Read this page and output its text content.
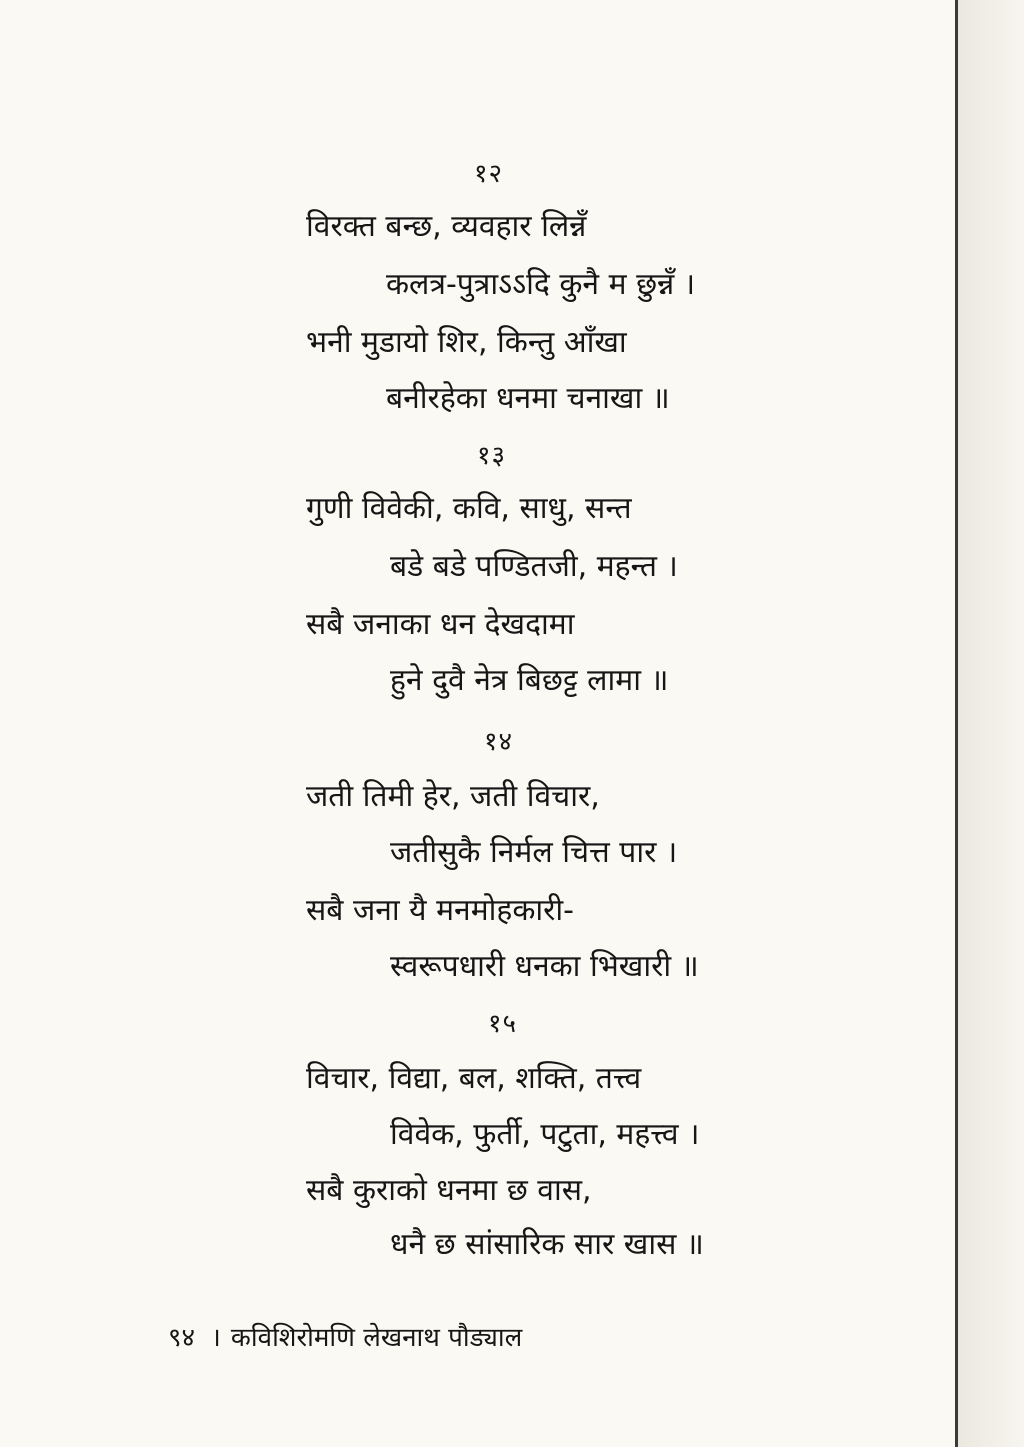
१२
विरक्त बन्छ, व्यवहार लिन्नँ
कलत्र-पुत्राऽऽदि कुनै म छुन्नँ ।
भनी मुडायो शिर, किन्तु आँखा
बनीरहेका धनमा चनाखा ॥
१३
गुणी विवेकी, कवि, साधु, सन्त
बडे बडे पण्डितजी, महन्त ।
सबै जनाका धन देखदामा
हुने दुवै नेत्र बिछट्ट लामा ॥
१४
जती तिमी हेर, जती विचार,
जतीसुकै निर्मल चित्त पार ।
सबै जना यै मनमोहकारी-
स्वरूपधारी धनका भिखारी ॥
१५
विचार, विद्या, बल, शक्ति, तत्त्व
विवेक, फुर्ती, पटुता, महत्त्व ।
सबै कुराको धनमा छ वास,
धनै छ सांसारिक सार खास ॥
९४ । कविशिरोमणि लेखनाथ पौड्याल
